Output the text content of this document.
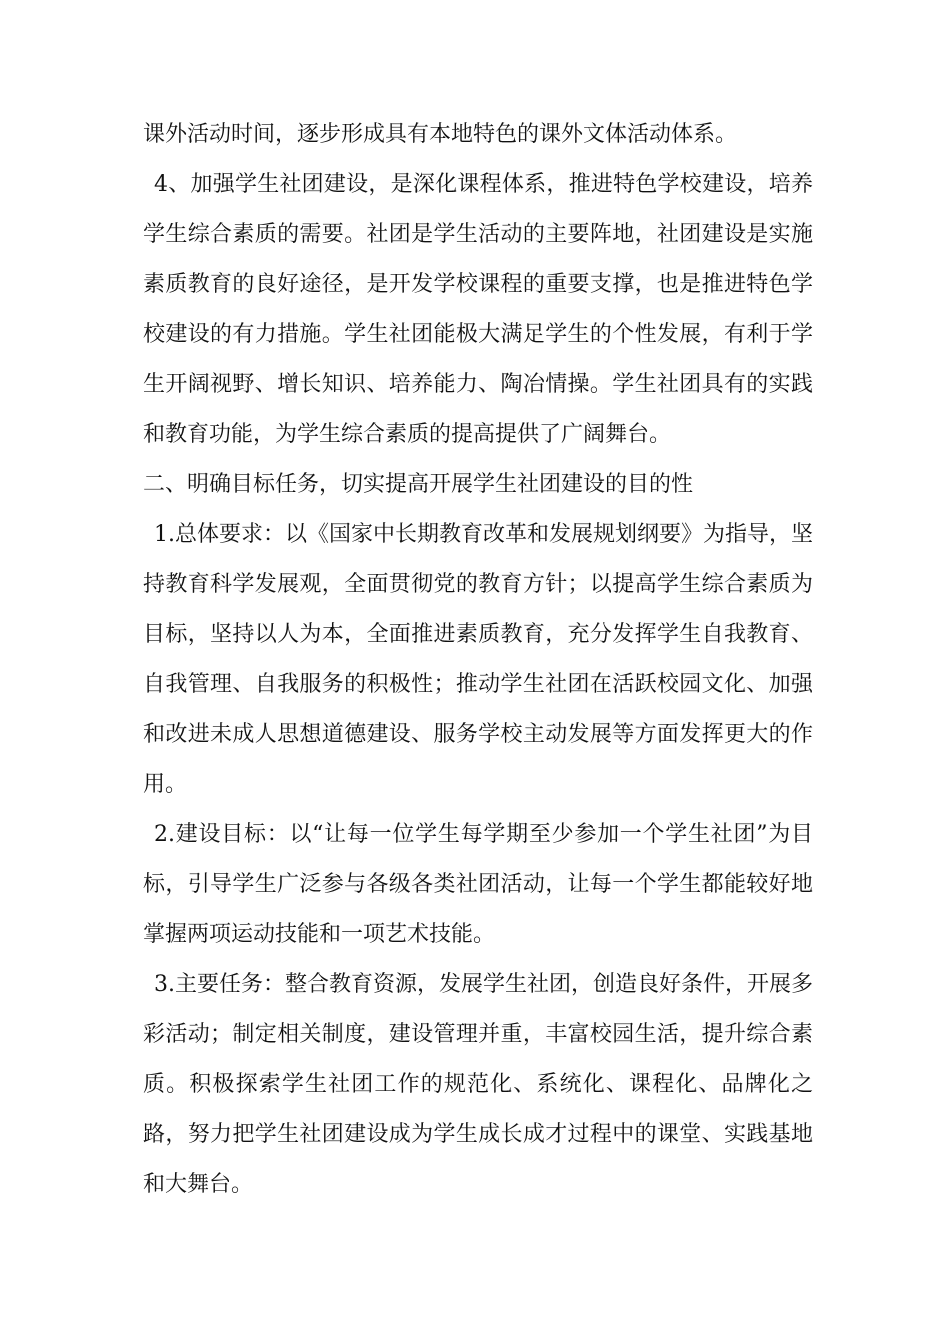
课外活动时间，逐步形成具有本地特色的课外文体活动体系。

4、加强学生社团建设，是深化课程体系，推进特色学校建设，培养学生综合素质的需要。社团是学生活动的主要阵地，社团建设是实施素质教育的良好途径，是开发学校课程的重要支撑，也是推进特色学校建设的有力措施。学生社团能极大满足学生的个性发展，有利于学生开阔视野、增长知识、培养能力、陶冶情操。学生社团具有的实践和教育功能，为学生综合素质的提高提供了广阔舞台。

二、明确目标任务，切实提高开展学生社团建设的目的性

1.总体要求：以《国家中长期教育改革和发展规划纲要》为指导，坚持教育科学发展观，全面贯彻党的教育方针；以提高学生综合素质为目标，坚持以人为本，全面推进素质教育，充分发挥学生自我教育、自我管理、自我服务的积极性；推动学生社团在活跃校园文化、加强和改进未成人思想道德建设、服务学校主动发展等方面发挥更大的作用。

2.建设目标：以“让每一位学生每学期至少参加一个学生社团”为目标，引导学生广泛参与各级各类社团活动，让每一个学生都能较好地掌握两项运动技能和一项艺术技能。

3.主要任务：整合教育资源，发展学生社团，创造良好条件，开展多彩活动；制定相关制度，建设管理并重，丰富校园生活，提升综合素质。积极探索学生社团工作的规范化、系统化、课程化、品牌化之路，努力把学生社团建设成为学生成长成才过程中的课堂、实践基地和大舞台。
